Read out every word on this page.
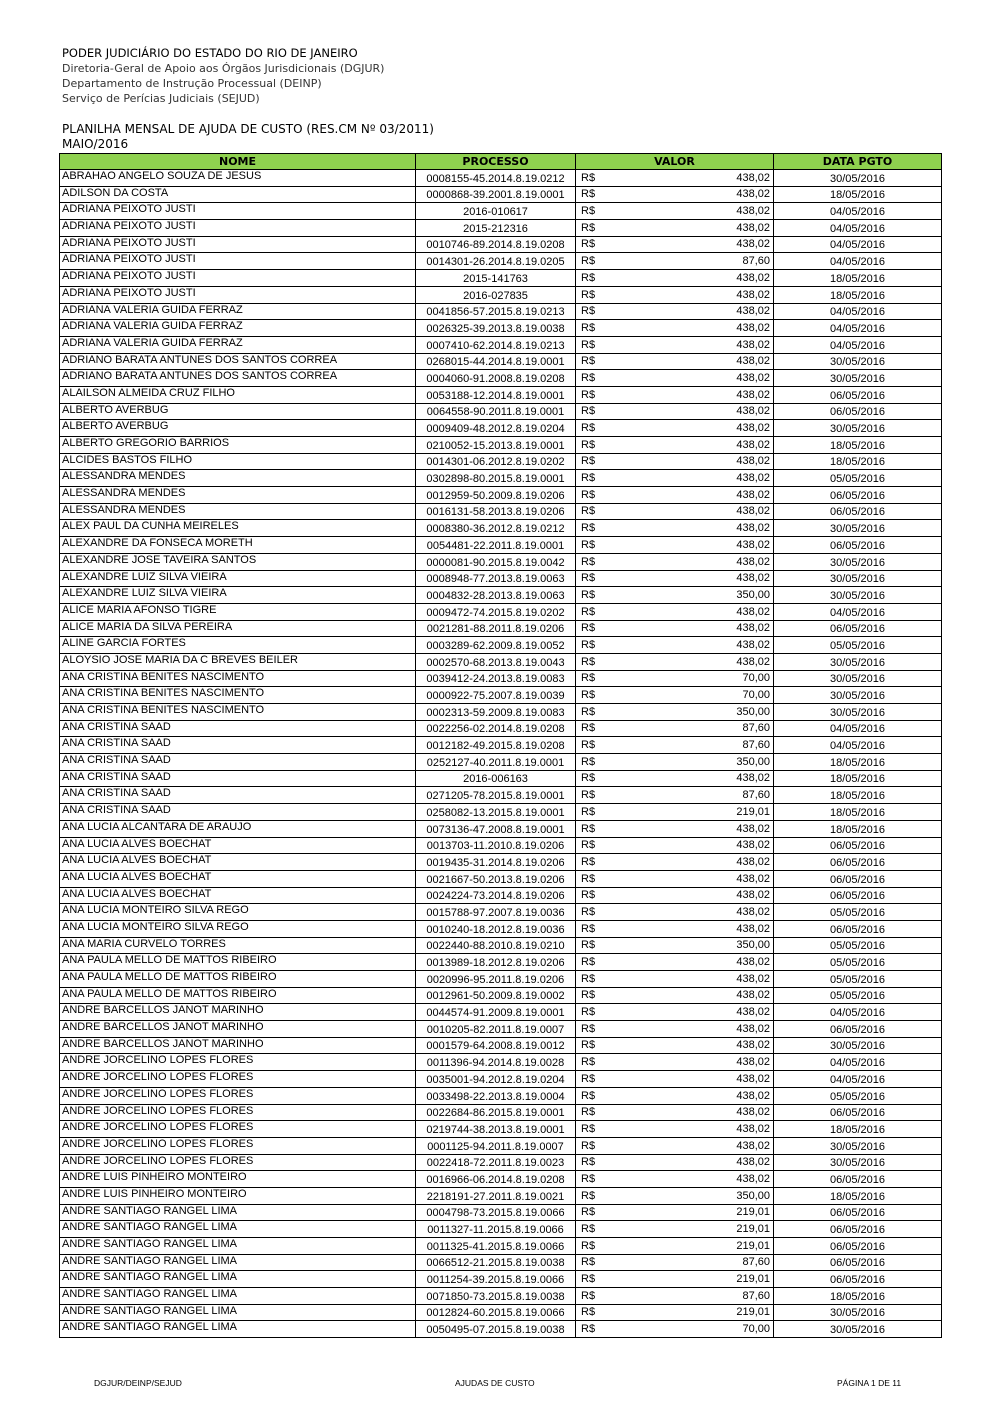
PODER JUDICIÁRIO DO ESTADO DO RIO DE JANEIRO
Diretoria-Geral de Apoio aos Órgãos Jurisdicionais (DGJUR)
Departamento de Instrução Processual (DEINP)
Serviço de Perícias Judiciais (SEJUD)
PLANILHA MENSAL DE AJUDA DE CUSTO (RES.CM Nº 03/2011)
MAIO/2016
NOME	PROCESSO	VALOR	DATA PGTO
ABRAHAO ANGELO SOUZA DE JESUS	0008155-45.2014.8.19.0212	R$ 438,02	30/05/2016
ADILSON DA COSTA	0000868-39.2001.8.19.0001	R$ 438,02	18/05/2016
ADRIANA PEIXOTO JUSTI	2016-010617	R$ 438,02	04/05/2016
ADRIANA PEIXOTO JUSTI	2015-212316	R$ 438,02	04/05/2016
ADRIANA PEIXOTO JUSTI	0010746-89.2014.8.19.0208	R$ 438,02	04/05/2016
ADRIANA PEIXOTO JUSTI	0014301-26.2014.8.19.0205	R$ 87,60	04/05/2016
ADRIANA PEIXOTO JUSTI	2015-141763	R$ 438,02	18/05/2016
ADRIANA PEIXOTO JUSTI	2016-027835	R$ 438,02	18/05/2016
ADRIANA VALERIA GUIDA FERRAZ	0041856-57.2015.8.19.0213	R$ 438,02	04/05/2016
ADRIANA VALERIA GUIDA FERRAZ	0026325-39.2013.8.19.0038	R$ 438,02	04/05/2016
ADRIANA VALERIA GUIDA FERRAZ	0007410-62.2014.8.19.0213	R$ 438,02	04/05/2016
ADRIANO BARATA ANTUNES DOS SANTOS CORREA	0268015-44.2014.8.19.0001	R$ 438,02	30/05/2016
ADRIANO BARATA ANTUNES DOS SANTOS CORREA	0004060-91.2008.8.19.0208	R$ 438,02	30/05/2016
ALAILSON ALMEIDA CRUZ FILHO	0053188-12.2014.8.19.0001	R$ 438,02	06/05/2016
ALBERTO AVERBUG	0064558-90.2011.8.19.0001	R$ 438,02	06/05/2016
ALBERTO AVERBUG	0009409-48.2012.8.19.0204	R$ 438,02	30/05/2016
ALBERTO GREGORIO BARRIOS	0210052-15.2013.8.19.0001	R$ 438,02	18/05/2016
ALCIDES BASTOS FILHO	0014301-06.2012.8.19.0202	R$ 438,02	18/05/2016
ALESSANDRA MENDES	0302898-80.2015.8.19.0001	R$ 438,02	05/05/2016
ALESSANDRA MENDES	0012959-50.2009.8.19.0206	R$ 438,02	06/05/2016
ALESSANDRA MENDES	0016131-58.2013.8.19.0206	R$ 438,02	06/05/2016
ALEX PAUL DA CUNHA MEIRELES	0008380-36.2012.8.19.0212	R$ 438,02	30/05/2016
ALEXANDRE DA FONSECA MORETH	0054481-22.2011.8.19.0001	R$ 438,02	06/05/2016
ALEXANDRE JOSE TAVEIRA SANTOS	0000081-90.2015.8.19.0042	R$ 438,02	30/05/2016
ALEXANDRE LUIZ SILVA VIEIRA	0008948-77.2013.8.19.0063	R$ 438,02	30/05/2016
ALEXANDRE LUIZ SILVA VIEIRA	0004832-28.2013.8.19.0063	R$ 350,00	30/05/2016
ALICE MARIA AFONSO TIGRE	0009472-74.2015.8.19.0202	R$ 438,02	04/05/2016
ALICE MARIA DA SILVA PEREIRA	0021281-88.2011.8.19.0206	R$ 438,02	06/05/2016
ALINE GARCIA FORTES	0003289-62.2009.8.19.0052	R$ 438,02	05/05/2016
ALOYSIO JOSE MARIA DA C BREVES BEILER	0002570-68.2013.8.19.0043	R$ 438,02	30/05/2016
ANA CRISTINA BENITES NASCIMENTO	0039412-24.2013.8.19.0083	R$ 70,00	30/05/2016
ANA CRISTINA BENITES NASCIMENTO	0000922-75.2007.8.19.0039	R$ 70,00	30/05/2016
ANA CRISTINA BENITES NASCIMENTO	0002313-59.2009.8.19.0083	R$ 350,00	30/05/2016
ANA CRISTINA SAAD	0022256-02.2014.8.19.0208	R$ 87,60	04/05/2016
ANA CRISTINA SAAD	0012182-49.2015.8.19.0208	R$ 87,60	04/05/2016
ANA CRISTINA SAAD	0252127-40.2011.8.19.0001	R$ 350,00	18/05/2016
ANA CRISTINA SAAD	2016-006163	R$ 438,02	18/05/2016
ANA CRISTINA SAAD	0271205-78.2015.8.19.0001	R$ 87,60	18/05/2016
ANA CRISTINA SAAD	0258082-13.2015.8.19.0001	R$ 219,01	18/05/2016
ANA LUCIA ALCANTARA DE ARAUJO	0073136-47.2008.8.19.0001	R$ 438,02	18/05/2016
ANA LUCIA ALVES BOECHAT	0013703-11.2010.8.19.0206	R$ 438,02	06/05/2016
ANA LUCIA ALVES BOECHAT	0019435-31.2014.8.19.0206	R$ 438,02	06/05/2016
ANA LUCIA ALVES BOECHAT	0021667-50.2013.8.19.0206	R$ 438,02	06/05/2016
ANA LUCIA ALVES BOECHAT	0024224-73.2014.8.19.0206	R$ 438,02	06/05/2016
ANA LUCIA MONTEIRO SILVA REGO	0015788-97.2007.8.19.0036	R$ 438,02	05/05/2016
ANA LUCIA MONTEIRO SILVA REGO	0010240-18.2012.8.19.0036	R$ 438,02	06/05/2016
ANA MARIA CURVELO TORRES	0022440-88.2010.8.19.0210	R$ 350,00	05/05/2016
ANA PAULA MELLO DE MATTOS RIBEIRO	0013989-18.2012.8.19.0206	R$ 438,02	05/05/2016
ANA PAULA MELLO DE MATTOS RIBEIRO	0020996-95.2011.8.19.0206	R$ 438,02	05/05/2016
ANA PAULA MELLO DE MATTOS RIBEIRO	0012961-50.2009.8.19.0002	R$ 438,02	05/05/2016
ANDRE BARCELLOS JANOT MARINHO	0044574-91.2009.8.19.0001	R$ 438,02	04/05/2016
ANDRE BARCELLOS JANOT MARINHO	0010205-82.2011.8.19.0007	R$ 438,02	06/05/2016
ANDRE BARCELLOS JANOT MARINHO	0001579-64.2008.8.19.0012	R$ 438,02	30/05/2016
ANDRE JORCELINO LOPES FLORES	0011396-94.2014.8.19.0028	R$ 438,02	04/05/2016
ANDRE JORCELINO LOPES FLORES	0035001-94.2012.8.19.0204	R$ 438,02	04/05/2016
ANDRE JORCELINO LOPES FLORES	0033498-22.2013.8.19.0004	R$ 438,02	05/05/2016
ANDRE JORCELINO LOPES FLORES	0022684-86.2015.8.19.0001	R$ 438,02	06/05/2016
ANDRE JORCELINO LOPES FLORES	0219744-38.2013.8.19.0001	R$ 438,02	18/05/2016
ANDRE JORCELINO LOPES FLORES	0001125-94.2011.8.19.0007	R$ 438,02	30/05/2016
ANDRE JORCELINO LOPES FLORES	0022418-72.2011.8.19.0023	R$ 438,02	30/05/2016
ANDRE LUIS PINHEIRO MONTEIRO	0016966-06.2014.8.19.0208	R$ 438,02	06/05/2016
ANDRE LUIS PINHEIRO MONTEIRO	2218191-27.2011.8.19.0021	R$ 350,00	18/05/2016
ANDRE SANTIAGO RANGEL LIMA	0004798-73.2015.8.19.0066	R$ 219,01	06/05/2016
ANDRE SANTIAGO RANGEL LIMA	0011327-11.2015.8.19.0066	R$ 219,01	06/05/2016
ANDRE SANTIAGO RANGEL LIMA	0011325-41.2015.8.19.0066	R$ 219,01	06/05/2016
ANDRE SANTIAGO RANGEL LIMA	0066512-21.2015.8.19.0038	R$ 87,60	06/05/2016
ANDRE SANTIAGO RANGEL LIMA	0011254-39.2015.8.19.0066	R$ 219,01	06/05/2016
ANDRE SANTIAGO RANGEL LIMA	0071850-73.2015.8.19.0038	R$ 87,60	18/05/2016
ANDRE SANTIAGO RANGEL LIMA	0012824-60.2015.8.19.0066	R$ 219,01	30/05/2016
ANDRE SANTIAGO RANGEL LIMA	0050495-07.2015.8.19.0038	R$ 70,00	30/05/2016
DGJUR/DEINP/SEJUD	AJUDAS DE CUSTO	PÁGINA 1 DE 11
